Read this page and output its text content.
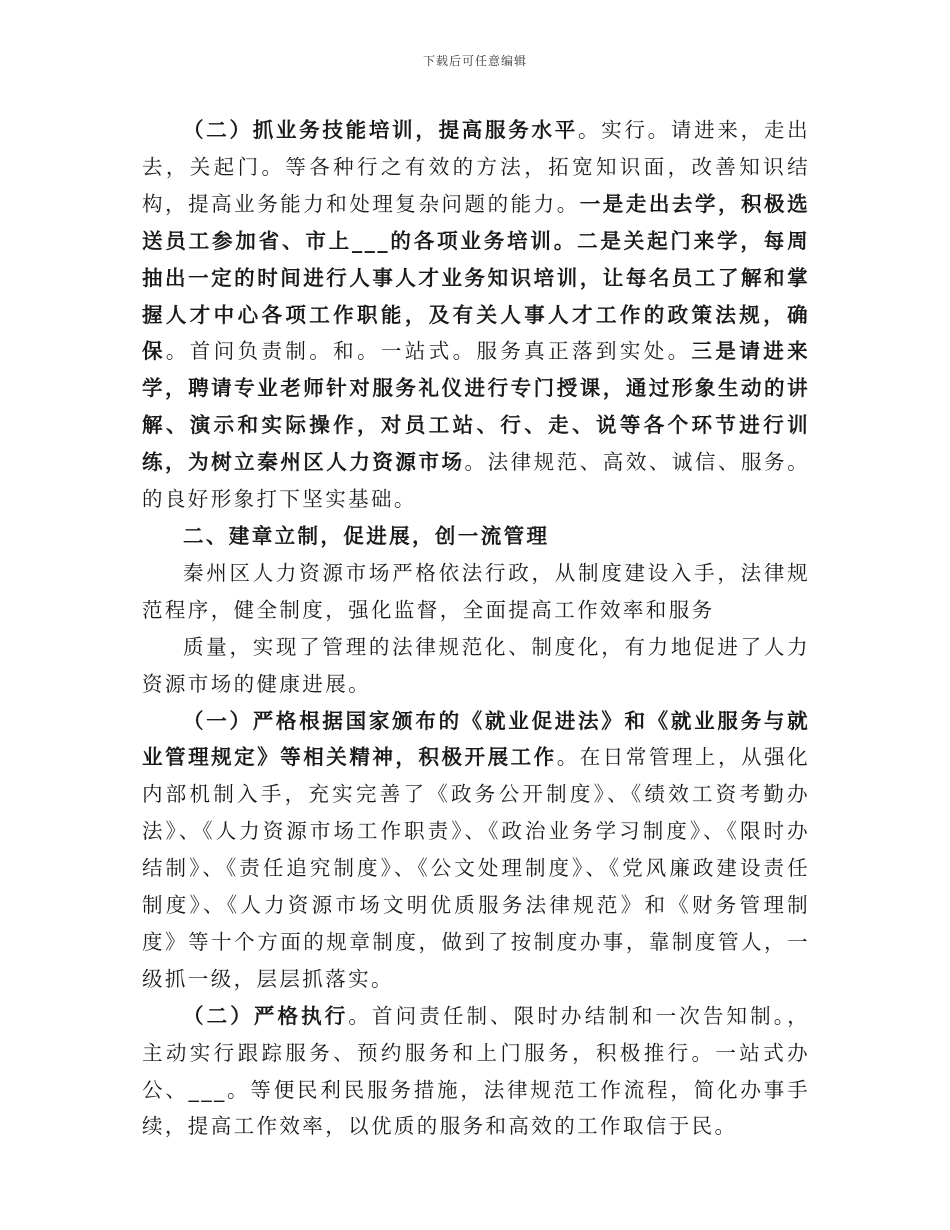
下载后可任意编辑

（二）抓业务技能培训，提高服务水平。实行。请进来，走出去，关起门。等各种行之有效的方法，拓宽知识面，改善知识结构，提高业务能力和处理复杂问题的能力。一是走出去学，积极选送员工参加省、市上___的各项业务培训。二是关起门来学，每周抽出一定的时间进行人事人才业务知识培训，让每名员工了解和掌握人才中心各项工作职能，及有关人事人才工作的政策法规，确保。首问负责制。和。一站式。服务真正落到实处。三是请进来学，聘请专业老师针对服务礼仪进行专门授课，通过形象生动的讲解、演示和实际操作，对员工站、行、走、说等各个环节进行训练，为树立秦州区人力资源市场。法律规范、高效、诚信、服务。的良好形象打下坚实基础。

二、建章立制，促进展，创一流管理

秦州区人力资源市场严格依法行政，从制度建设入手，法律规范程序，健全制度，强化监督，全面提高工作效率和服务

质量，实现了管理的法律规范化、制度化，有力地促进了人力资源市场的健康进展。

（一）严格根据国家颁布的《就业促进法》和《就业服务与就业管理规定》等相关精神，积极开展工作。在日常管理上，从强化内部机制入手，充实完善了《政务公开制度》、《绩效工资考勤办法》、《人力资源市场工作职责》、《政治业务学习制度》、《限时办结制》、《责任追究制度》、《公文处理制度》、《党风廉政建设责任制度》、《人力资源市场文明优质服务法律规范》和《财务管理制度》等十个方面的规章制度，做到了按制度办事，靠制度管人，一级抓一级，层层抓落实。

（二）严格执行。首问责任制、限时办结制和一次告知制。，主动实行跟踪服务、预约服务和上门服务，积极推行。一站式办公、___。等便民利民服务措施，法律规范工作流程，简化办事手续，提高工作效率，以优质的服务和高效的工作取信于民。
